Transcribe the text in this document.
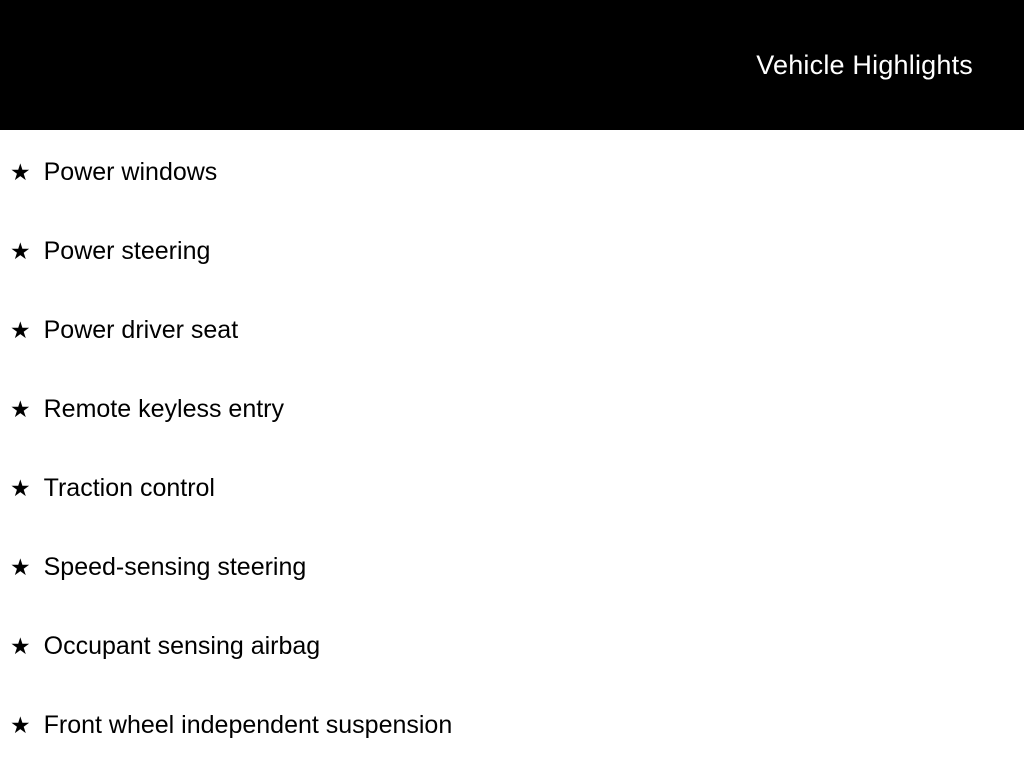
Vehicle Highlights
★ Power windows
★ Power steering
★ Power driver seat
★ Remote keyless entry
★ Traction control
★ Speed-sensing steering
★ Occupant sensing airbag
★ Front wheel independent suspension
